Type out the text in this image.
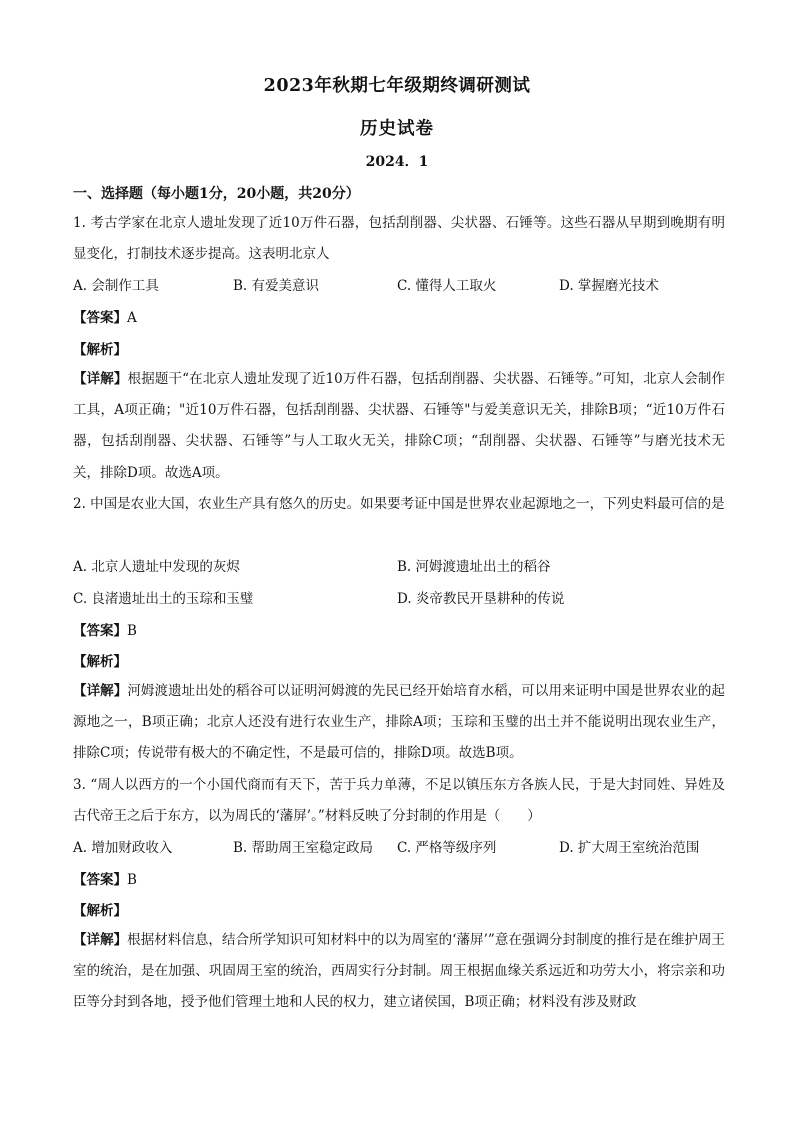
2023年秋期七年级期终调研测试
历史试卷
2024．1
一、选择题（每小题1分，20小题，共20分）
1. 考古学家在北京人遗址发现了近10万件石器，包括刮削器、尖状器、石锤等。这些石器从早期到晚期有明显变化，打制技术逐步提高。这表明北京人
A. 会制作工具	B. 有爱美意识	C. 懂得人工取火	D. 掌握磨光技术
【答案】A
【解析】
【详解】根据题干“在北京人遗址发现了近10万件石器，包括刮削器、尖状器、石锤等。”可知，北京人会制作工具，A项正确；"近10万件石器，包括刮削器、尖状器、石锤等"与爱美意识无关，排除B项；“近10万件石器，包括刮削器、尖状器、石锤等”与人工取火无关，排除C项；“刮削器、尖状器、石锤等”与磨光技术无关，排除D项。故选A项。
2. 中国是农业大国，农业生产具有悠久的历史。如果要考证中国是世界农业起源地之一，下列史料最可信的是
A. 北京人遗址中发现的灰烬	B. 河姆渡遗址出土的稻谷
C. 良渚遗址出土的玉琮和玉璧	D. 炎帝教民开垦耕种的传说
【答案】B
【解析】
【详解】河姆渡遗址出处的稻谷可以证明河姆渡的先民已经开始培育水稻，可以用来证明中国是世界农业的起源地之一，B项正确；北京人还没有进行农业生产，排除A项；玉琮和玉璧的出土并不能说明出现农业生产，排除C项；传说带有极大的不确定性，不是最可信的，排除D项。故选B项。
3. “周人以西方的一个小国代商而有天下，苦于兵力单薄，不足以镇压东方各族人民，于是大封同姓、异姓及古代帝王之后于东方，以为周氏的‘藩屏’。”材料反映了分封制的作用是（　　）
A. 增加财政收入	B. 帮助周王室稳定政局 C. 严格等级序列	D. 扩大周王室统治范围
【答案】B
【解析】
【详解】根据材料信息，结合所学知识可知材料中的以为周室的‘藩屏’”意在强调分封制度的推行是在维护周王室的统治，是在加强、巩固周王室的统治，西周实行分封制。周王根据血缘关系远近和功劳大小，将宗亲和功臣等分封到各地，授予他们管理土地和人民的权力，建立诸侯国，B项正确；材料没有涉及财政
